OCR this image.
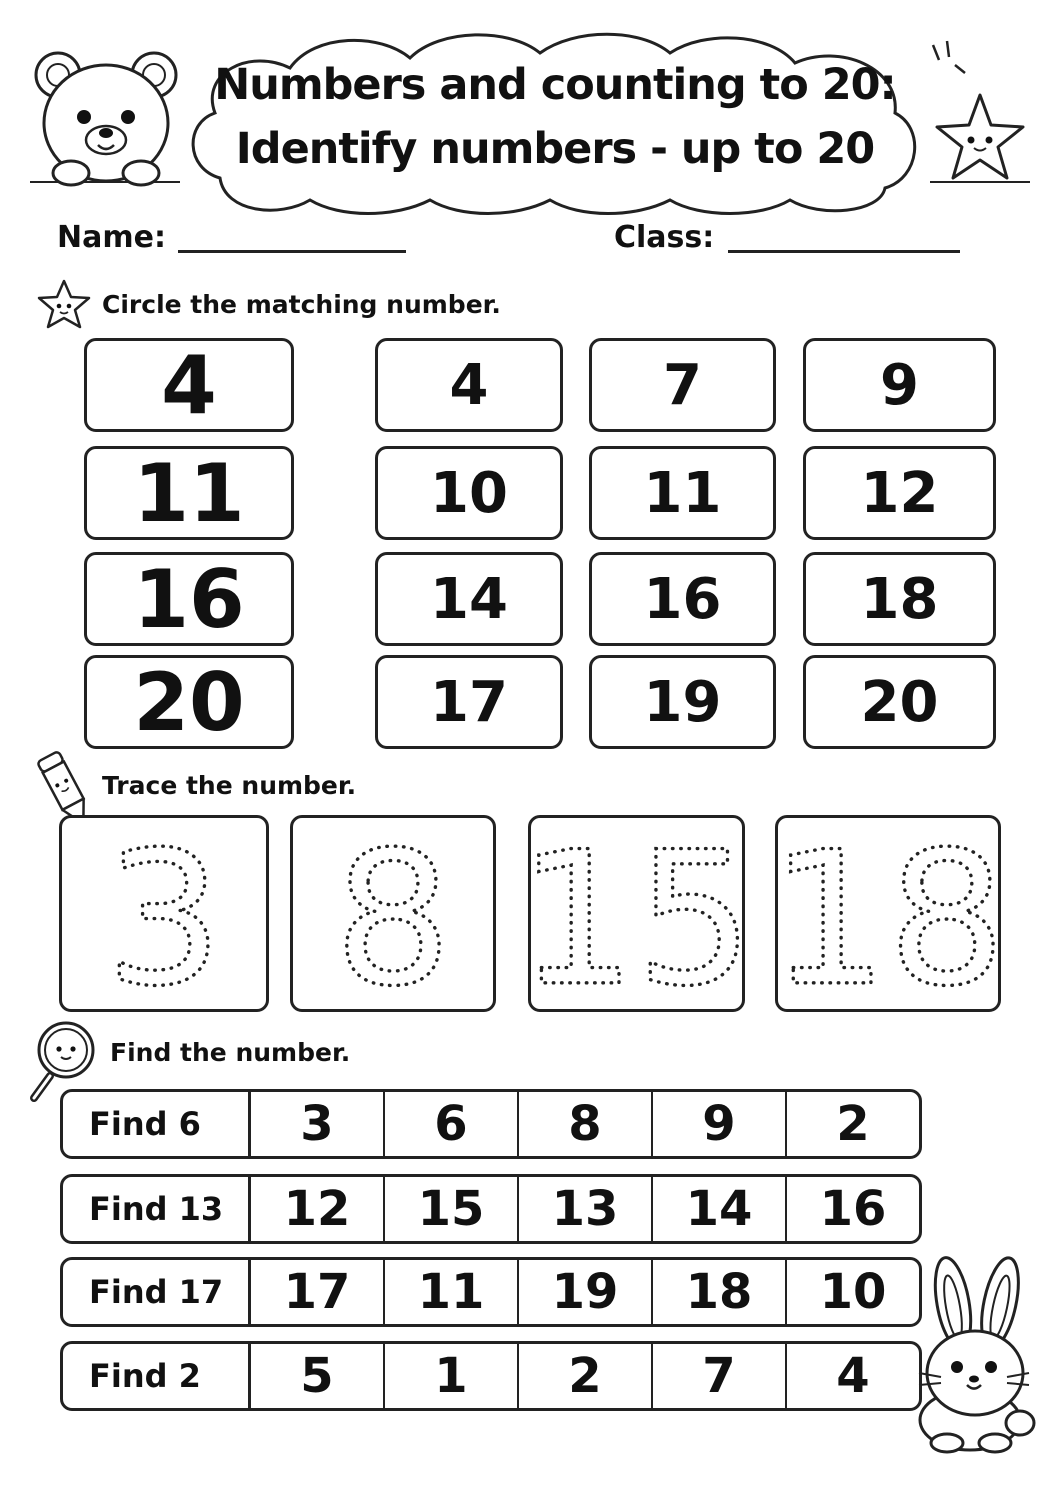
Numbers and counting to 20:
Identify numbers - up to 20
Name:	Class:
Circle the matching number.
4	4	7	9
11	10	11	12
16	14	16	18
20	17	19	20
Trace the number.
3 8 15 18
Find the number.
Find 6	3	6	8	9	2
Find 13	12	15	13	14	16
Find 17	17	11	19	18	10
Find 2	5	1	2	7	4
